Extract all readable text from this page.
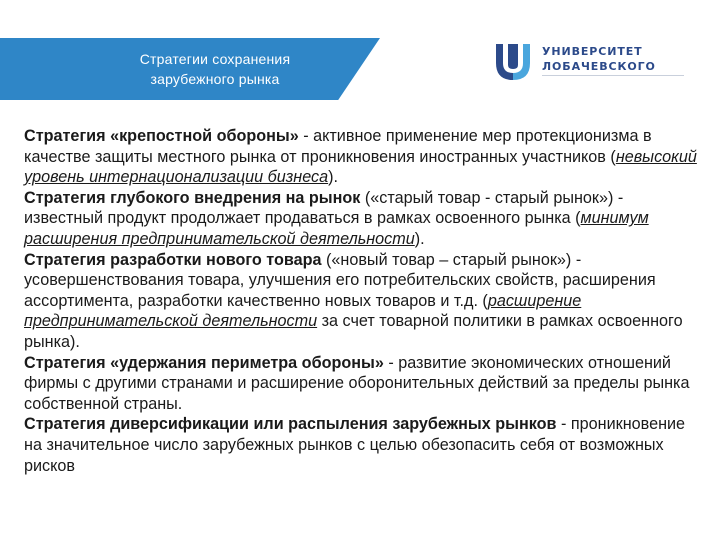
Стратегии сохранения
зарубежного рынка
УНИВЕРСИТЕТ
ЛОБАЧЕВСКОГО

Стратегия «крепостной обороны» - активное применение мер протекционизма в качестве защиты местного рынка от проникновения иностранных участников (невысокий уровень интернационализации бизнеса).

Стратегия глубокого внедрения на рынок («старый товар - старый рынок») - известный продукт продолжает продаваться в рамках освоенного рынка (минимум расширения предпринимательской деятельности).

Стратегия разработки нового товара («новый товар – старый рынок») - усовершенствования товара, улучшения его потребительских свойств, расширения ассортимента, разработки качественно новых товаров и т.д. (расширение предпринимательской деятельности за счет товарной политики в рамках освоенного рынка).

Стратегия «удержания периметра обороны» - развитие экономических отношений фирмы с другими странами и расширение оборонительных действий за пределы рынка собственной страны.

Стратегия диверсификации или распыления зарубежных рынков - проникновение на значительное число зарубежных рынков с целью обезопасить себя от возможных рисков
